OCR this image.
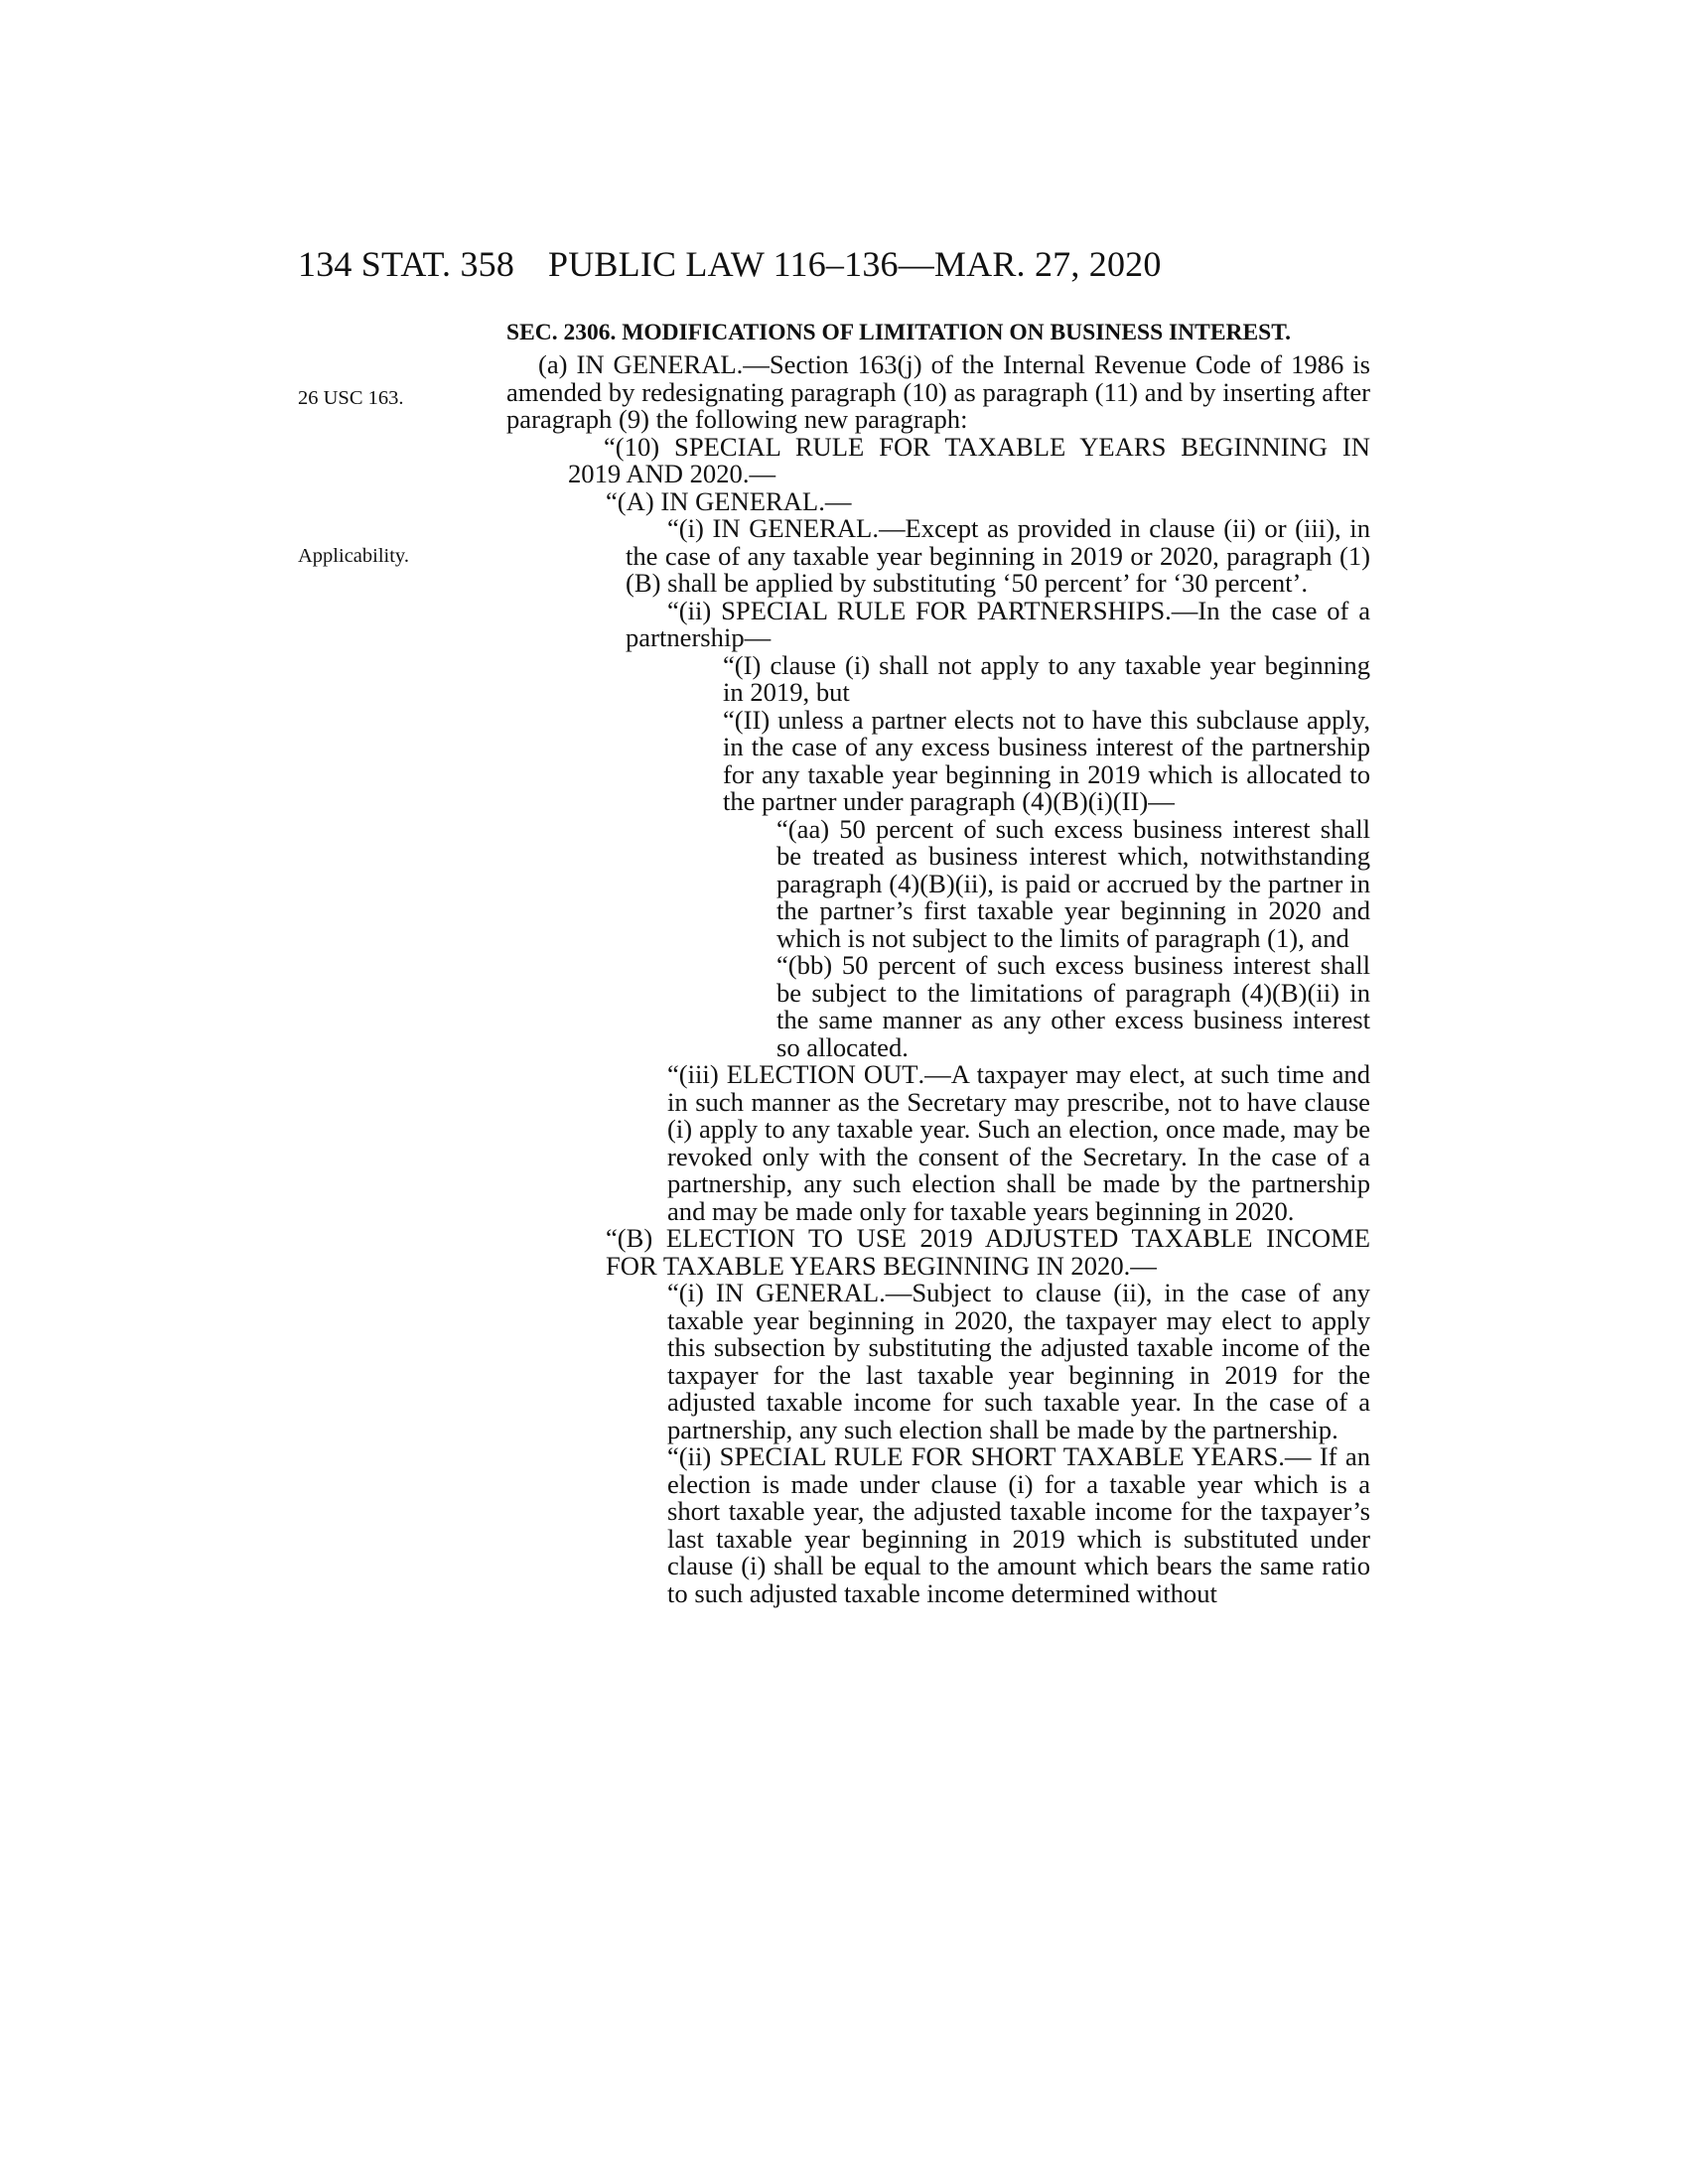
134 STAT. 358 PUBLIC LAW 116–136—MAR. 27, 2020
SEC. 2306. MODIFICATIONS OF LIMITATION ON BUSINESS INTEREST.
26 USC 163.
Applicability.

(a) IN GENERAL.—Section 163(j) of the Internal Revenue Code of 1986 is amended by redesignating paragraph (10) as paragraph (11) and by inserting after paragraph (9) the following new paragraph:

“(10) SPECIAL RULE FOR TAXABLE YEARS BEGINNING IN 2019 AND 2020.—

“(A) IN GENERAL.—

“(i) IN GENERAL.—Except as provided in clause (ii) or (iii), in the case of any taxable year beginning in 2019 or 2020, paragraph (1)(B) shall be applied by substituting ‘50 percent’ for ‘30 percent’.

“(ii) SPECIAL RULE FOR PARTNERSHIPS.—In the case of a partnership—

“(I) clause (i) shall not apply to any taxable year beginning in 2019, but

“(II) unless a partner elects not to have this subclause apply, in the case of any excess business interest of the partnership for any taxable year beginning in 2019 which is allocated to the partner under paragraph (4)(B)(i)(II)—

“(aa) 50 percent of such excess business interest shall be treated as business interest which, notwithstanding paragraph (4)(B)(ii), is paid or accrued by the partner in the partner’s first taxable year beginning in 2020 and which is not subject to the limits of paragraph (1), and

“(bb) 50 percent of such excess business interest shall be subject to the limitations of paragraph (4)(B)(ii) in the same manner as any other excess business interest so allocated.

“(iii) ELECTION OUT.—A taxpayer may elect, at such time and in such manner as the Secretary may prescribe, not to have clause (i) apply to any taxable year. Such an election, once made, may be revoked only with the consent of the Secretary. In the case of a partnership, any such election shall be made by the partnership and may be made only for taxable years beginning in 2020.

“(B) ELECTION TO USE 2019 ADJUSTED TAXABLE INCOME FOR TAXABLE YEARS BEGINNING IN 2020.—

“(i) IN GENERAL.—Subject to clause (ii), in the case of any taxable year beginning in 2020, the taxpayer may elect to apply this subsection by substituting the adjusted taxable income of the taxpayer for the last taxable year beginning in 2019 for the adjusted taxable income for such taxable year. In the case of a partnership, any such election shall be made by the partnership.

“(ii) SPECIAL RULE FOR SHORT TAXABLE YEARS.— If an election is made under clause (i) for a taxable year which is a short taxable year, the adjusted taxable income for the taxpayer’s last taxable year beginning in 2019 which is substituted under clause (i) shall be equal to the amount which bears the same ratio to such adjusted taxable income determined without
